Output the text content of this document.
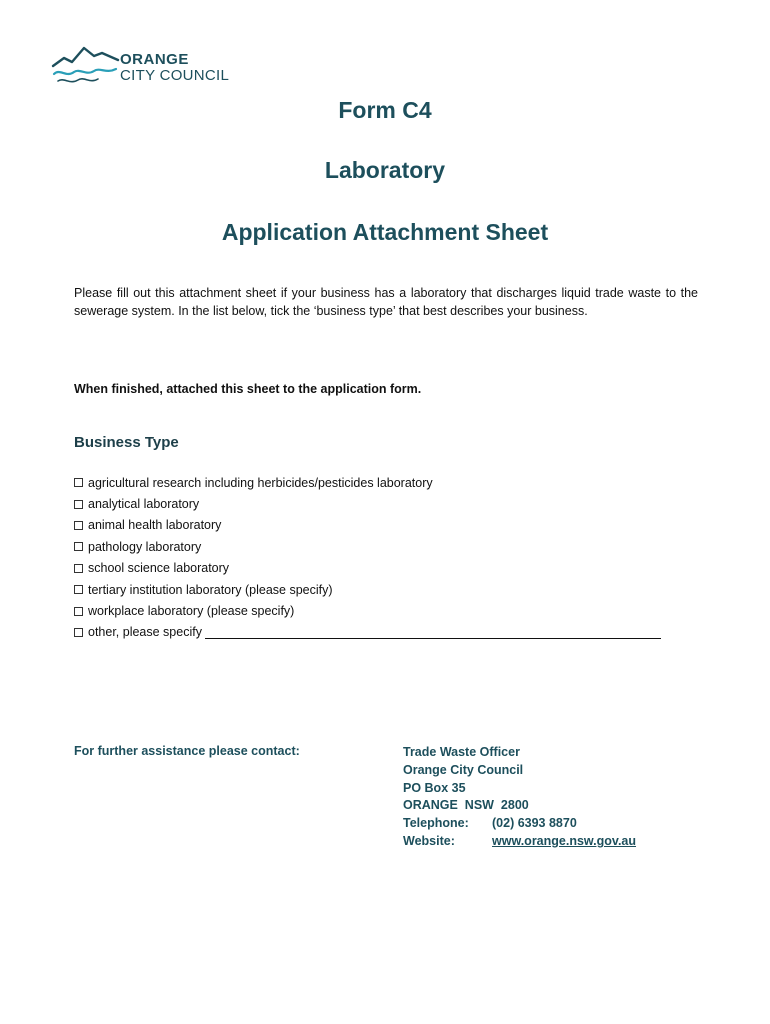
ORANGE
CITY COUNCIL
Form C4
Laboratory
Application Attachment Sheet

Please fill out this attachment sheet if your business has a laboratory that discharges liquid trade waste to the sewerage system. In the list below, tick the ‘business type’ that best describes your business.

When finished, attached this sheet to the application form.
Business Type
agricultural research including herbicides/pesticides laboratory
analytical laboratory
animal health laboratory
pathology laboratory
school science laboratory
tertiary institution laboratory (please specify)
workplace laboratory (please specify)
other, please specify
For further assistance please contact:	Trade Waste Officer
Orange City Council
PO Box 35
ORANGE  NSW  2800
Telephone:	(02) 6393 8870
Website:	www.orange.nsw.gov.au
